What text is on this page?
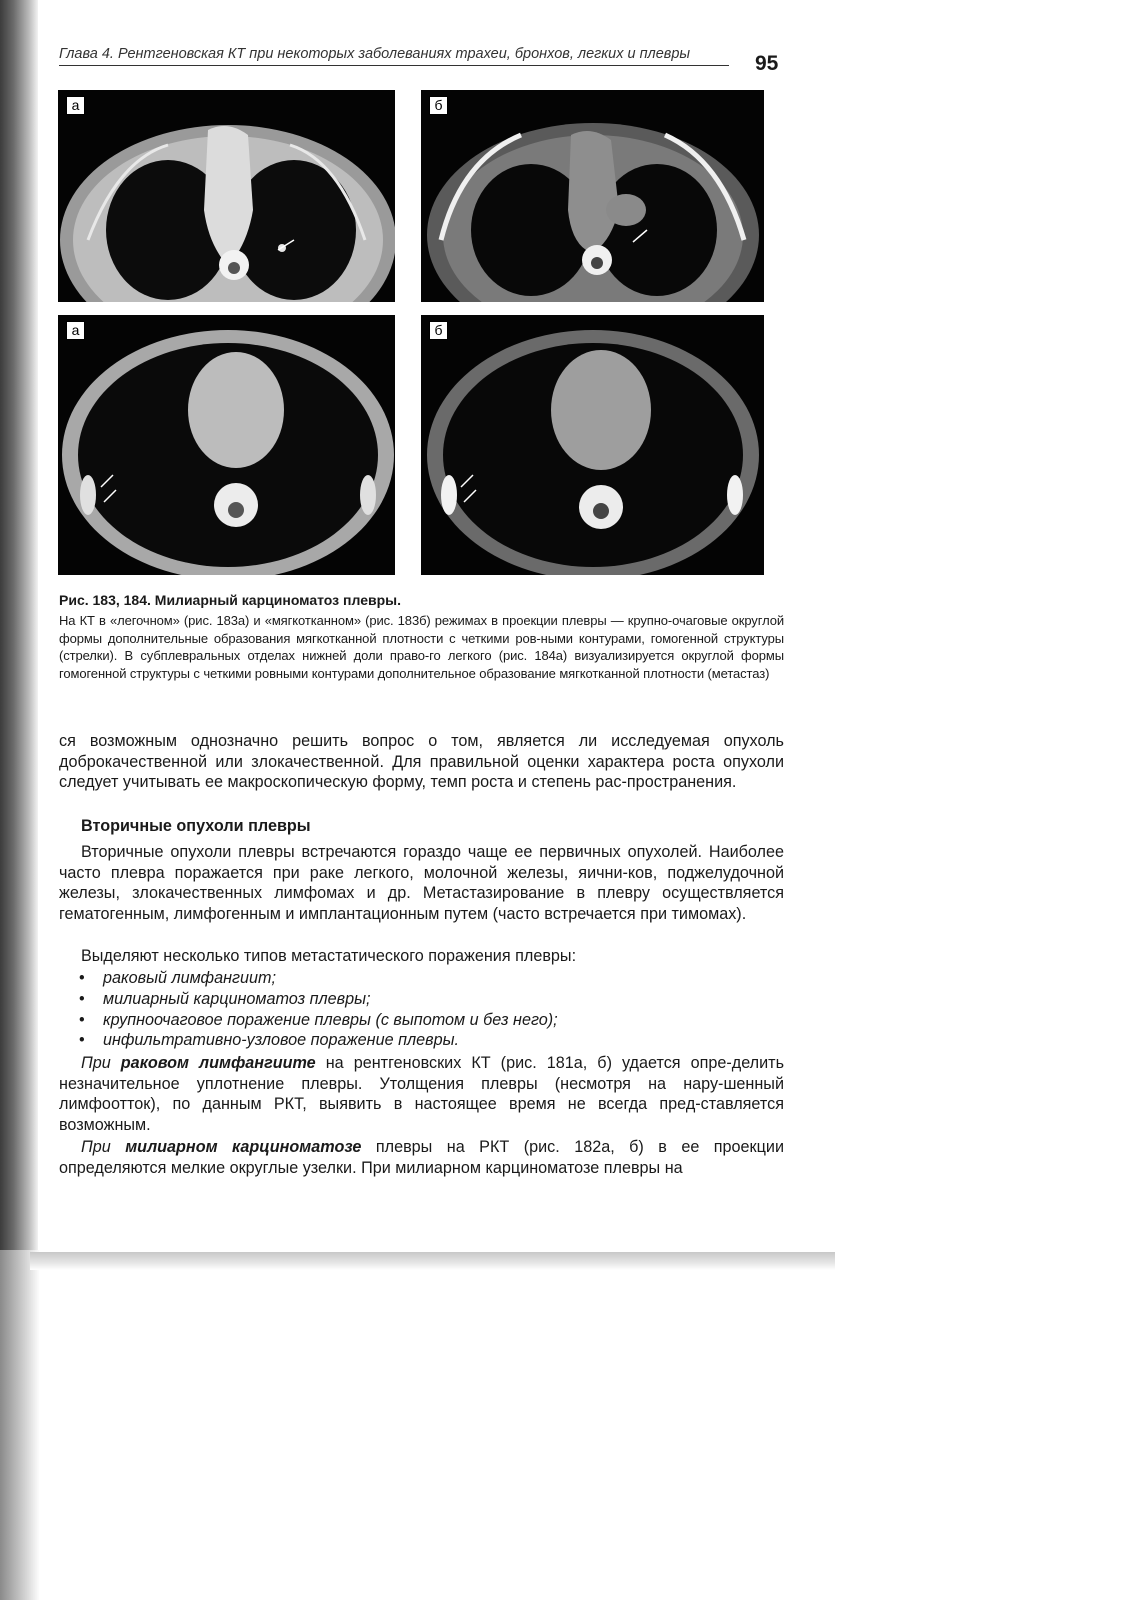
Глава 4. Рентгеновская КТ при некоторых заболеваниях трахеи, бронхов, легких и плевры	95
а	б
а	б
Рис. 183, 184. Милиарный карциноматоз плевры.
На КТ в «легочном» (рис. 183а) и «мягкотканном» (рис. 183б) режимах в проекции плевры — крупно-очаговые округлой формы дополнительные образования мягкотканной плотности с четкими ров-ными контурами, гомогенной структуры (стрелки). В субплевральных отделах нижней доли право-го легкого (рис. 184а) визуализируется округлой формы гомогенной структуры с четкими ровными контурами дополнительное образование мягкотканной плотности (метастаз)

ся возможным однозначно решить вопрос о том, является ли исследуемая опухоль доброкачественной или злокачественной. Для правильной оценки характера роста опухоли следует учитывать ее макроскопическую форму, темп роста и степень рас-пространения.

Вторичные опухоли плевры

Вторичные опухоли плевры встречаются гораздо чаще ее первичных опухолей. Наиболее часто плевра поражается при раке легкого, молочной железы, яични-ков, поджелудочной железы, злокачественных лимфомах и др. Метастазирование в плевру осуществляется гематогенным, лимфогенным и имплантационным путем (часто встречается при тимомах).

Выделяют несколько типов метастатического поражения плевры:

• раковый лимфангиит;
• милиарный карциноматоз плевры;
• крупноочаговое поражение плевры (с выпотом и без него);
• инфильтративно-узловое поражение плевры.

При раковом лимфангиите на рентгеновских КТ (рис. 181а, б) удается опре-делить незначительное уплотнение плевры. Утолщения плевры (несмотря на нару-шенный лимфоотток), по данным РКТ, выявить в настоящее время не всегда пред-ставляется возможным.

При милиарном карциноматозе плевры на РКТ (рис. 182а, б) в ее проекции определяются мелкие округлые узелки. При милиарном карциноматозе плевры на
